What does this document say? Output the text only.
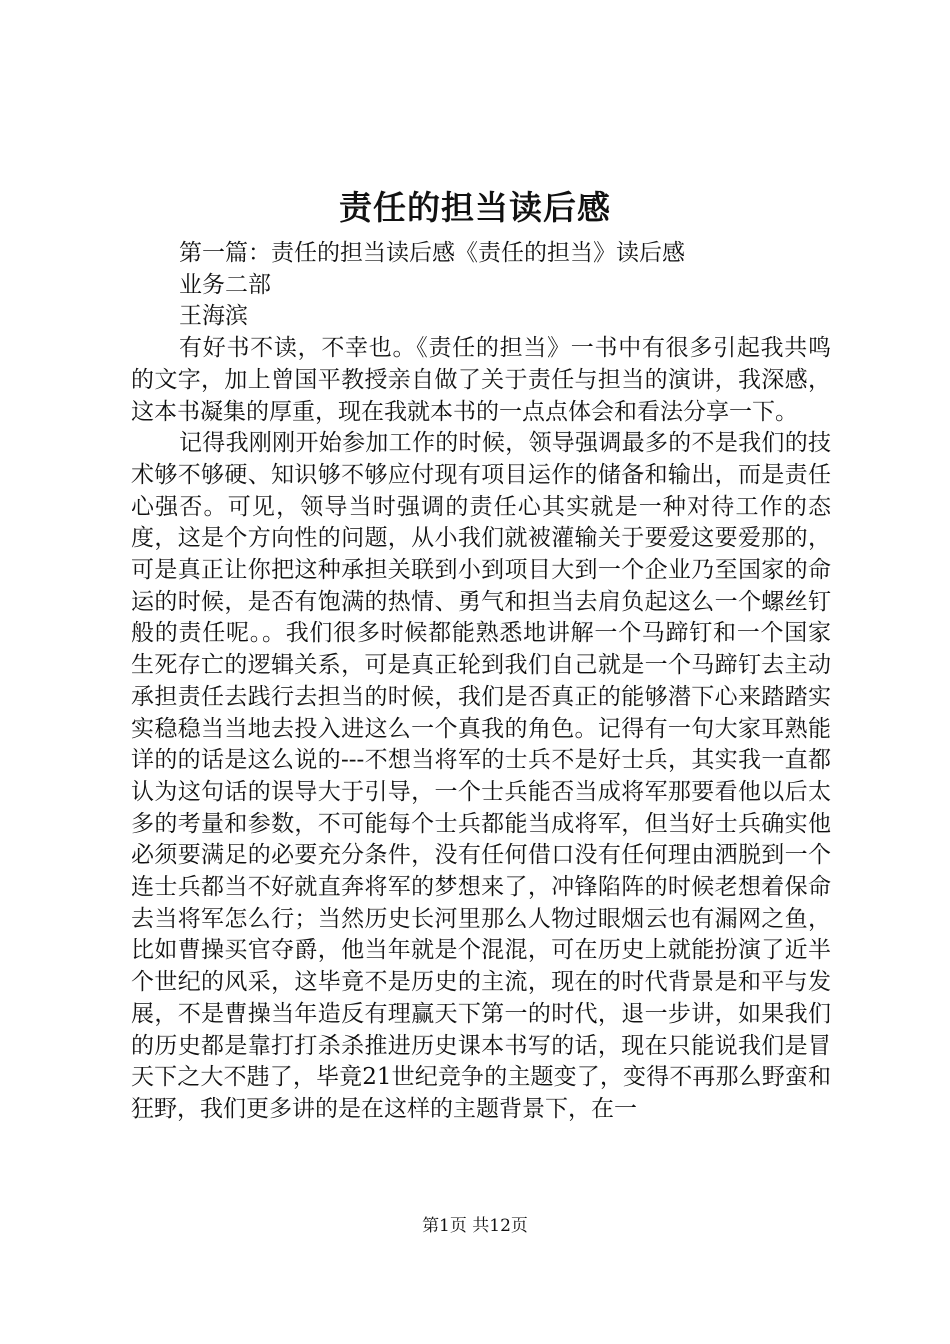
责任的担当读后感

第一篇：责任的担当读后感《责任的担当》读后感

业务二部

王海滨

有好书不读，不幸也。《责任的担当》一书中有很多引起我共鸣的文字，加上曾国平教授亲自做了关于责任与担当的演讲，我深感，这本书凝集的厚重，现在我就本书的一点点体会和看法分享一下。

记得我刚刚开始参加工作的时候，领导强调最多的不是我们的技术够不够硬、知识够不够应付现有项目运作的储备和输出，而是责任心强否。可见，领导当时强调的责任心其实就是一种对待工作的态度，这是个方向性的问题，从小我们就被灌输关于要爱这要爱那的，可是真正让你把这种承担关联到小到项目大到一个企业乃至国家的命运的时候，是否有饱满的热情、勇气和担当去肩负起这么一个螺丝钉般的责任呢。。我们很多时候都能熟悉地讲解一个马蹄钉和一个国家生死存亡的逻辑关系，可是真正轮到我们自己就是一个马蹄钉去主动承担责任去践行去担当的时候，我们是否真正的能够潜下心来踏踏实实稳稳当当地去投入进这么一个真我的角色。记得有一句大家耳熟能详的的话是这么说的---不想当将军的士兵不是好士兵，其实我一直都认为这句话的误导大于引导，一个士兵能否当成将军那要看他以后太多的考量和参数，不可能每个士兵都能当成将军，但当好士兵确实他必须要满足的必要充分条件，没有任何借口没有任何理由洒脱到一个连士兵都当不好就直奔将军的梦想来了，冲锋陷阵的时候老想着保命去当将军怎么行；当然历史长河里那么人物过眼烟云也有漏网之鱼，比如曹操买官夺爵，他当年就是个混混，可在历史上就能扮演了近半个世纪的风采，这毕竟不是历史的主流，现在的时代背景是和平与发展，不是曹操当年造反有理赢天下第一的时代，退一步讲，如果我们的历史都是靠打打杀杀推进历史课本书写的话，现在只能说我们是冒天下之大不韪了，毕竟21世纪竞争的主题变了，变得不再那么野蛮和狂野，我们更多讲的是在这样的主题背景下，在一

第1页 共12页
